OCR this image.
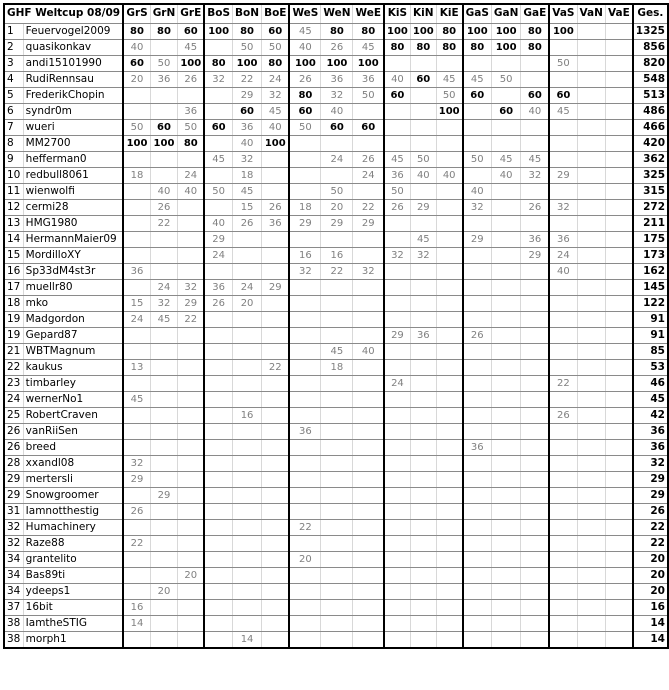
GHF Weltcup 08/09		GrS	GrN	GrE	BoS	BoN	BoE	WeS	WeN	WeE	KiS	KiN	KiE	GaS	GaN	GaE	VaS	VaN	VaE	Ges.
1	Feuervogel2009	80	80	60	100	80	60	45	80	80	100	100	80	100	100	80	100			1325
2	quasikonkav	40		45		50	50	40	26	45	80	80	80	80	100	80				856
3	andi15101990	60	50	100	80	100	80	100	100	100							50			820
4	RudiRennsau	20	36	26	32	22	24	26	36	36	40	60	45	45	50					548
5	FrederikChopin					29	32	80	32	50	60		50	60		60	60			513
6	syndr0m			36		60	45	60	40				100		60	40	45			486
7	wueri	50	60	50	60	36	40	50	60	60										466
8	MM2700	100	100	80		40	100													420
9	hefferman0				45	32			24	26	45	50		50	45	45				362
10	redbull8061	18		24		18				24	36	40	40		40	32	29			325
11	wienwolfi		40	40	50	45			50		50			40						315
12	cermi28		26			15	26	18	20	22	26	29		32		26	32			272
13	HMG1980		22		40	26	36	29	29	29										211
14	HermannMaier09				29							45		29		36	36			175
15	MordilloXY				24			16	16		32	32				29	24			173
16	Sp33dM4st3r	36						32	22	32							40			162
17	muellr80		24	32	36	24	29													145
18	mko	15	32	29	26	20														122
19	Madgordon	24	45	22																91
19	Gepard87										29	36		26						91
21	WBTMagnum								45	40										85
22	kaukus	13					22		18											53
23	timbarley										24						22			46
24	wernerNo1	45																		45
25	RobertCraven					16											26			42
26	vanRiiSen							36												36
26	breed													36						36
28	xxandl08	32																		32
29	mertersli	29																		29
29	Snowgroomer		29																	29
31	Iamnotthestig	26																		26
32	Humachinery							22												22
32	Raze88	22																		22
34	grantelito							20												20
34	Bas89ti			20																20
34	ydeeps1		20																	20
37	16bit	16																		16
38	IamtheSTIG	14																		14
38	morph1					14														14
